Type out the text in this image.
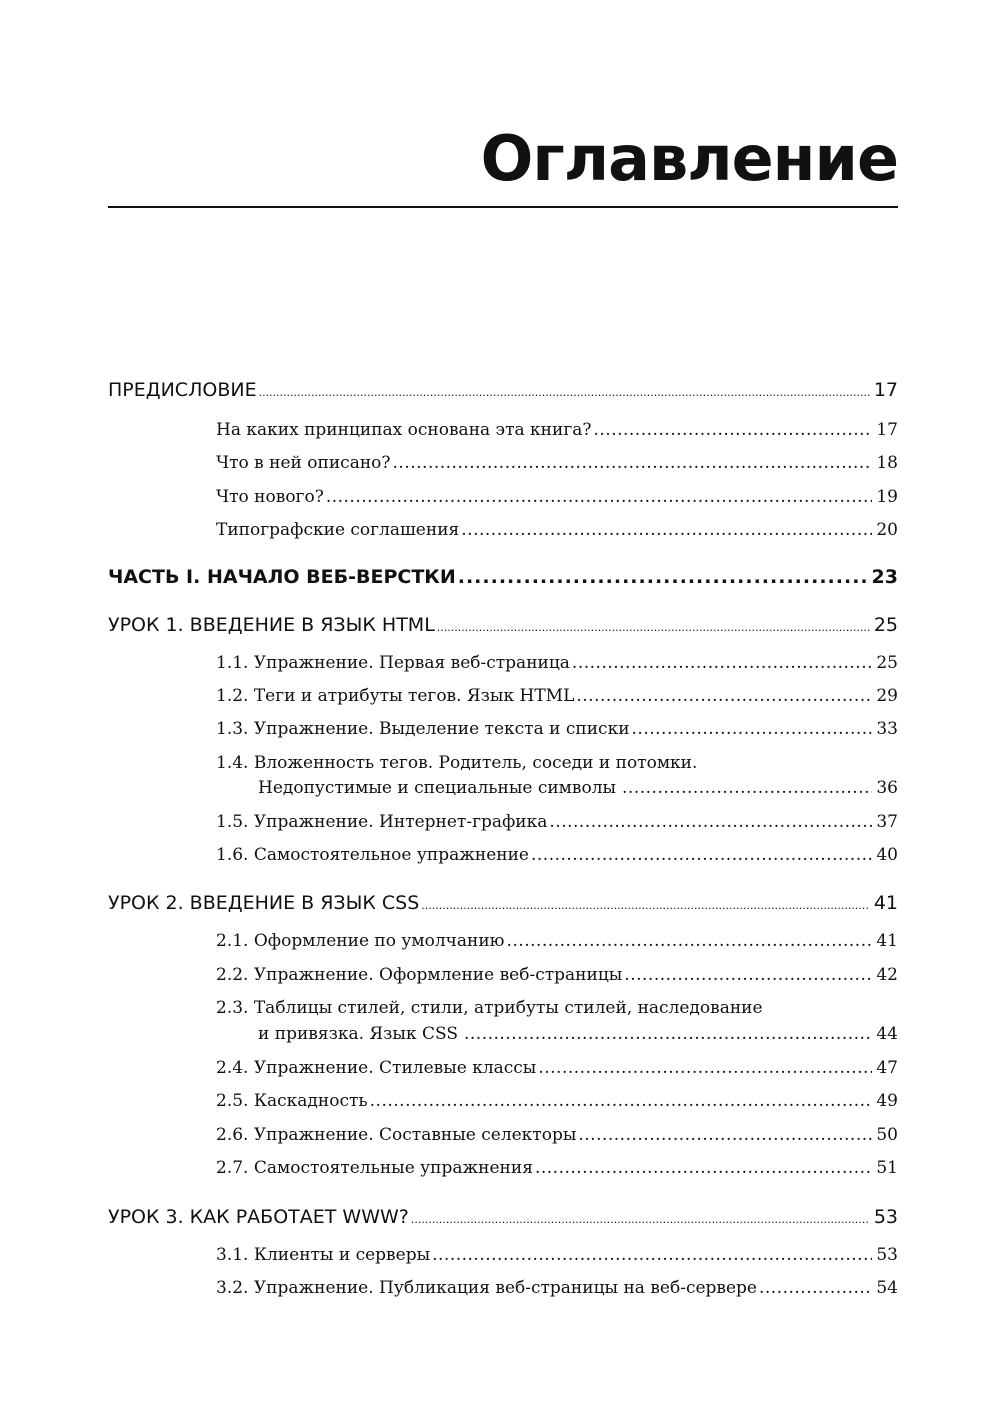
Оглавление
ПРЕДИСЛОВИЕ .....	17
На каких принципах основана эта книга? .....	17
Что в ней описано? .....	18
Что нового? .....	19
Типографские соглашения .....	20
ЧАСТЬ I. НАЧАЛО ВЕБ-ВЕРСТКИ .....	23
УРОК 1. ВВЕДЕНИЕ В ЯЗЫК HTML .....	25
1.1. Упражнение. Первая веб-страница .....	25
1.2. Теги и атрибуты тегов. Язык HTML .....	29
1.3. Упражнение. Выделение текста и списки .....	33
1.4. Вложенность тегов. Родитель, соседи и потомки.
Недопустимые и специальные символы .....	36
1.5. Упражнение. Интернет-графика .....	37
1.6. Самостоятельное упражнение .....	40
УРОК 2. ВВЕДЕНИЕ В ЯЗЫК CSS .....	41
2.1. Оформление по умолчанию .....	41
2.2. Упражнение. Оформление веб-страницы .....	42
2.3. Таблицы стилей, стили, атрибуты стилей, наследование
и привязка. Язык CSS .....	44
2.4. Упражнение. Стилевые классы .....	47
2.5. Каскадность .....	49
2.6. Упражнение. Составные селекторы .....	50
2.7. Самостоятельные упражнения .....	51
УРОК 3. КАК РАБОТАЕТ WWW? .....	53
3.1. Клиенты и серверы .....	53
3.2. Упражнение. Публикация веб-страницы на веб-сервере .....	54
